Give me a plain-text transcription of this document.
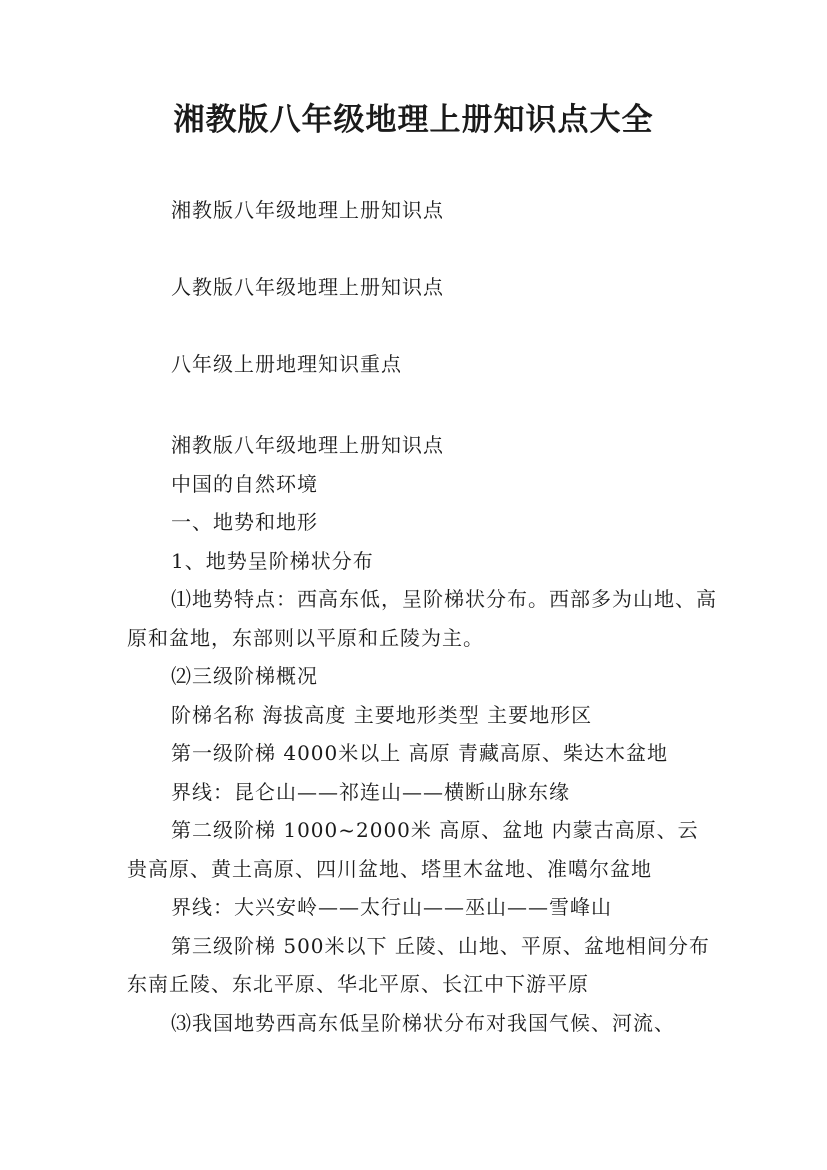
湘教版八年级地理上册知识点大全
湘教版八年级地理上册知识点
人教版八年级地理上册知识点
八年级上册地理知识重点

湘教版八年级地理上册知识点

中国的自然环境

一、地势和地形

1、地势呈阶梯状分布

⑴地势特点：西高东低，呈阶梯状分布。西部多为山地、高原和盆地，东部则以平原和丘陵为主。

⑵三级阶梯概况

阶梯名称 海拔高度 主要地形类型 主要地形区

第一级阶梯 4000米以上 高原 青藏高原、柴达木盆地

界线：昆仑山——祁连山——横断山脉东缘

第二级阶梯 1000~2000米 高原、盆地 内蒙古高原、云贵高原、黄土高原、四川盆地、塔里木盆地、准噶尔盆地

界线：大兴安岭——太行山——巫山——雪峰山

第三级阶梯 500米以下 丘陵、山地、平原、盆地相间分布 东南丘陵、东北平原、华北平原、长江中下游平原

⑶我国地势西高东低呈阶梯状分布对我国气候、河流、
